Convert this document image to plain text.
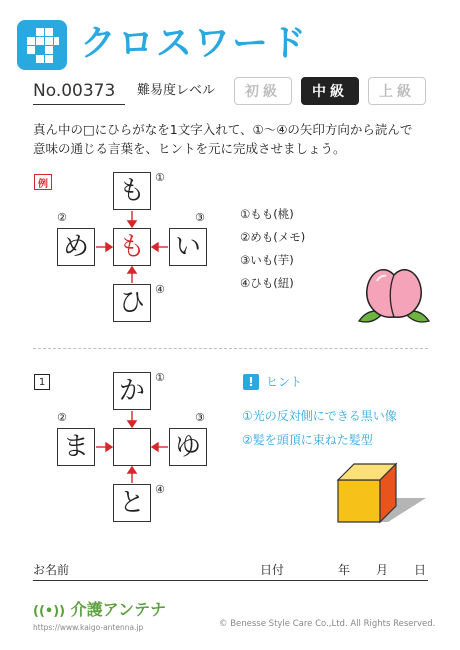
クロスワード
No.00373 難易度レベル	初級	中級	上級
真ん中の□にひらがなを1文字入れて、①～④の矢印方向から読んで
意味の通じる言葉を、ヒントを元に完成させましょう。
例	も
め も い
ひ
①
②	③
④
①もも(桃)
②めも(メモ)
③いも(芋)
④ひも(紐)
1	か
ま	ゆ
と
①
②	③
④
!	ヒント
①光の反対側にできる黒い像
②髪を頭頂に束ねた髪型
お名前	日付	年 月 日
((•)) 介護アンテナ
https://www.kaigo-antenna.jp	© Benesse Style Care Co.,Ltd. All Rights Reserved.
